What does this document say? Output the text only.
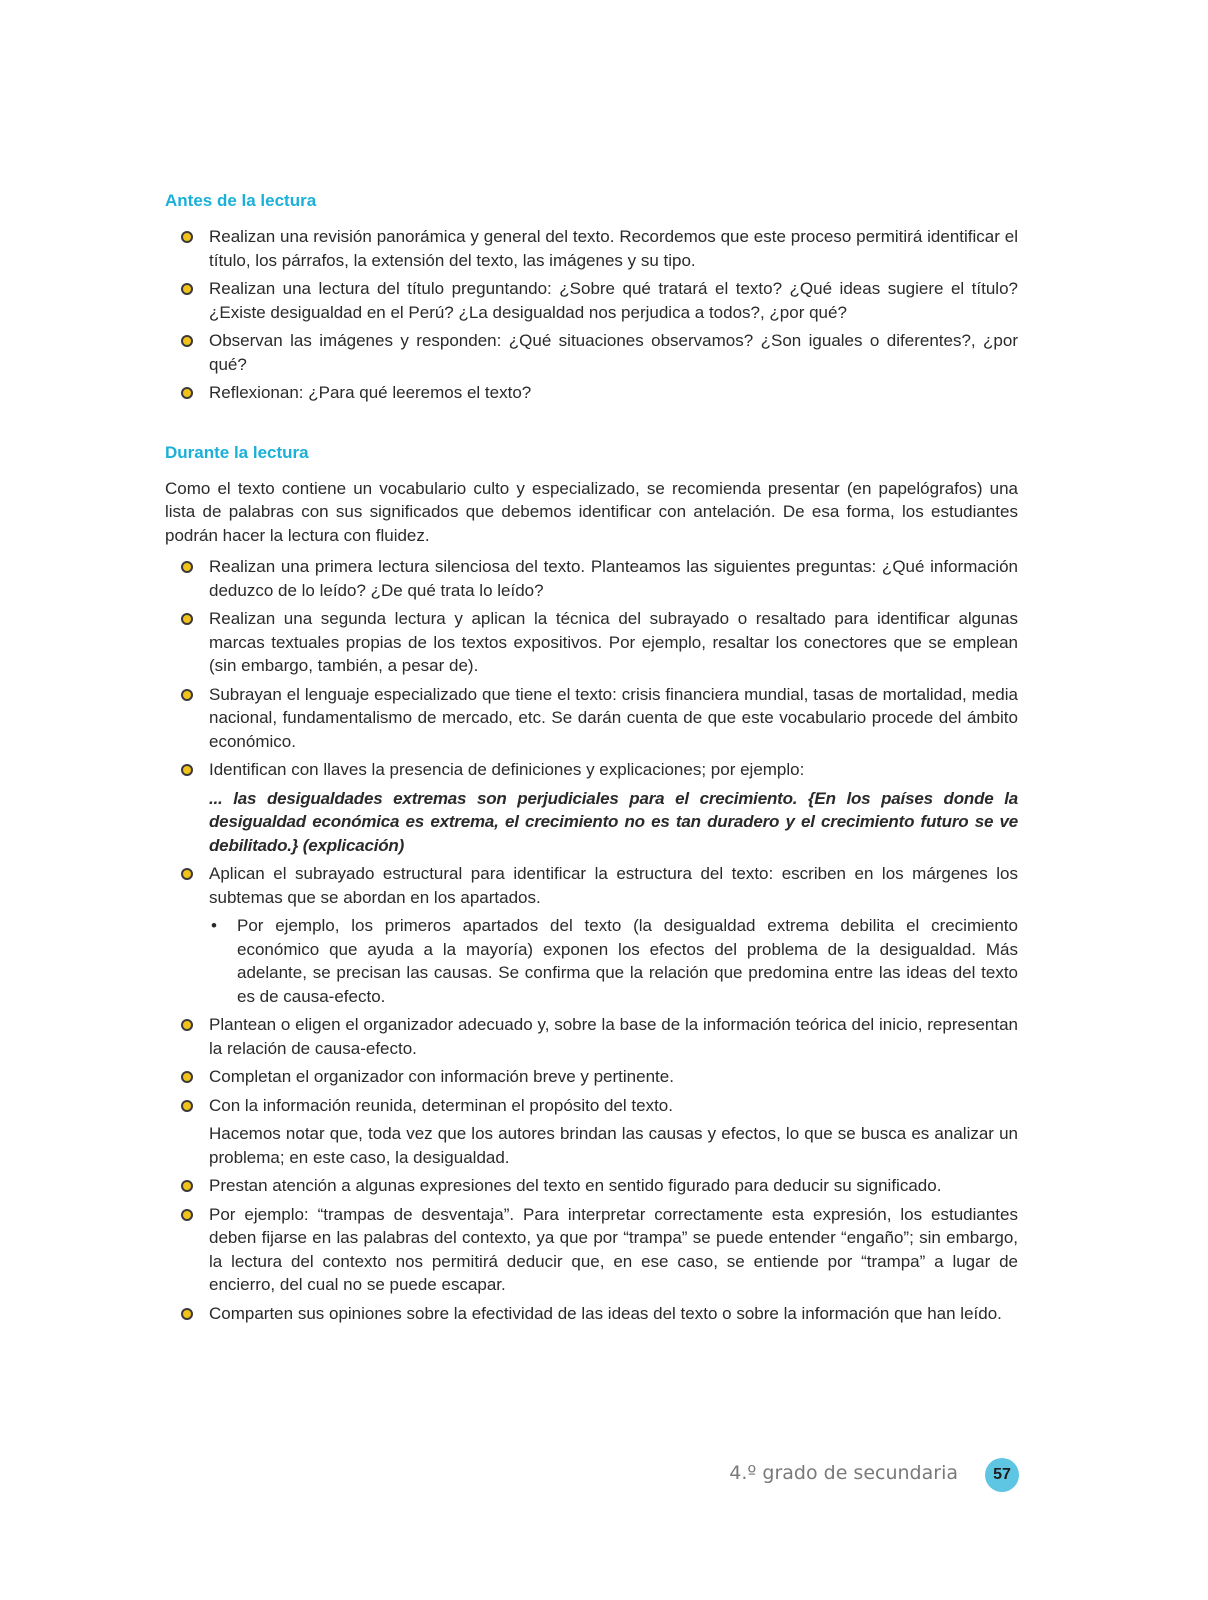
Antes de la lectura
Realizan una revisión panorámica y general del texto. Recordemos que este proceso permitirá identificar el título, los párrafos, la extensión del texto, las imágenes y su tipo.
Realizan una lectura del título preguntando: ¿Sobre qué tratará el texto? ¿Qué ideas sugiere el título? ¿Existe desigualdad en el Perú? ¿La desigualdad nos perjudica a todos?, ¿por qué?
Observan las imágenes y responden: ¿Qué situaciones observamos? ¿Son iguales o diferentes?, ¿por qué?
Reflexionan: ¿Para qué leeremos el texto?
Durante la lectura

Como el texto contiene un vocabulario culto y especializado, se recomienda presentar (en papelógrafos) una lista de palabras con sus significados que debemos identificar con antelación. De esa forma, los estudiantes podrán hacer la lectura con fluidez.

Realizan una primera lectura silenciosa del texto. Planteamos las siguientes preguntas: ¿Qué información deduzco de lo leído? ¿De qué trata lo leído?
Realizan una segunda lectura y aplican la técnica del subrayado o resaltado para identificar algunas marcas textuales propias de los textos expositivos. Por ejemplo, resaltar los conectores que se emplean (sin embargo, también, a pesar de).
Subrayan el lenguaje especializado que tiene el texto: crisis financiera mundial, tasas de mortalidad, media nacional, fundamentalismo de mercado, etc. Se darán cuenta de que este vocabulario procede del ámbito económico.
Identifican con llaves la presencia de definiciones y explicaciones; por ejemplo:
... las desigualdades extremas son perjudiciales para el crecimiento. {En los países donde la desigualdad económica es extrema, el crecimiento no es tan duradero y el crecimiento futuro se ve debilitado.} (explicación)
Aplican el subrayado estructural para identificar la estructura del texto: escriben en los márgenes los subtemas que se abordan en los apartados.
• Por ejemplo, los primeros apartados del texto (la desigualdad extrema debilita el crecimiento económico que ayuda a la mayoría) exponen los efectos del problema de la desigualdad. Más adelante, se precisan las causas. Se confirma que la relación que predomina entre las ideas del texto es de causa-efecto.
Plantean o eligen el organizador adecuado y, sobre la base de la información teórica del inicio, representan la relación de causa-efecto.
Completan el organizador con información breve y pertinente.
Con la información reunida, determinan el propósito del texto.
Hacemos notar que, toda vez que los autores brindan las causas y efectos, lo que se busca es analizar un problema; en este caso, la desigualdad.
Prestan atención a algunas expresiones del texto en sentido figurado para deducir su significado.
Por ejemplo: “trampas de desventaja”. Para interpretar correctamente esta expresión, los estudiantes deben fijarse en las palabras del contexto, ya que por “trampa” se puede entender “engaño”; sin embargo, la lectura del contexto nos permitirá deducir que, en ese caso, se entiende por “trampa” a lugar de encierro, del cual no se puede escapar.
Comparten sus opiniones sobre la efectividad de las ideas del texto o sobre la información que han leído.
4.º grado de secundaria	57
